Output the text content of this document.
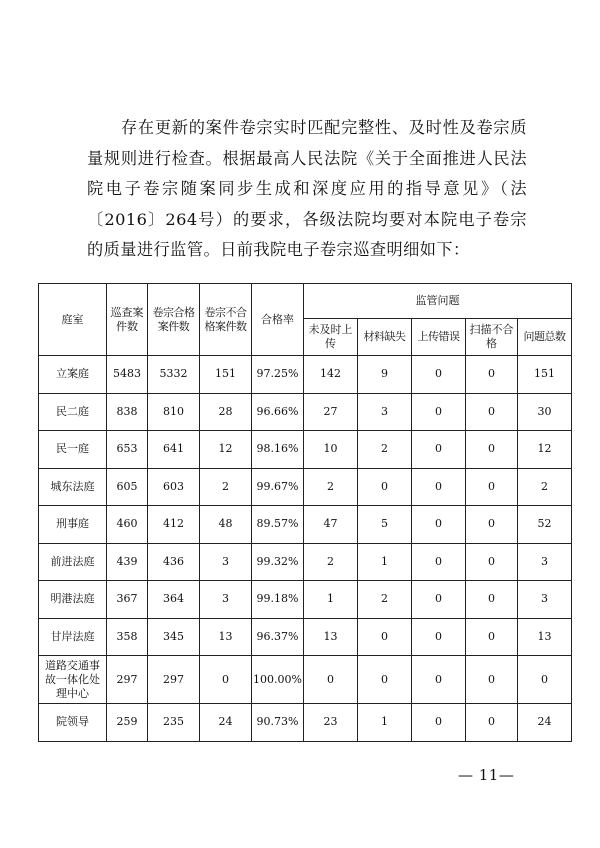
存在更新的案件卷宗实时匹配完整性、及时性及卷宗质量规则进行检查。根据最高人民法院《关于全面推进人民法院电子卷宗随案同步生成和深度应用的指导意见》（法〔2016〕264号）的要求，各级法院均要对本院电子卷宗的质量进行监管。日前我院电子卷宗巡查明细如下：
庭室	巡查案件数	卷宗合格案件数	卷宗不合格案件数	合格率	监管问题				
					未及时上传	材料缺失	上传错误	扫描不合格	问题总数
立案庭	5483	5332	151	97.25%	142	9	0	0	151
民二庭	838	810	28	96.66%	27	3	0	0	30
民一庭	653	641	12	98.16%	10	2	0	0	12
城东法庭	605	603	2	99.67%	2	0	0	0	2
刑事庭	460	412	48	89.57%	47	5	0	0	52
前进法庭	439	436	3	99.32%	2	1	0	0	3
明港法庭	367	364	3	99.18%	1	2	0	0	3
甘岸法庭	358	345	13	96.37%	13	0	0	0	13
道路交通事故一体化处理中心	297	297	0	100.00%	0	0	0	0	0
院领导	259	235	24	90.73%	23	1	0	0	24
— 11—
